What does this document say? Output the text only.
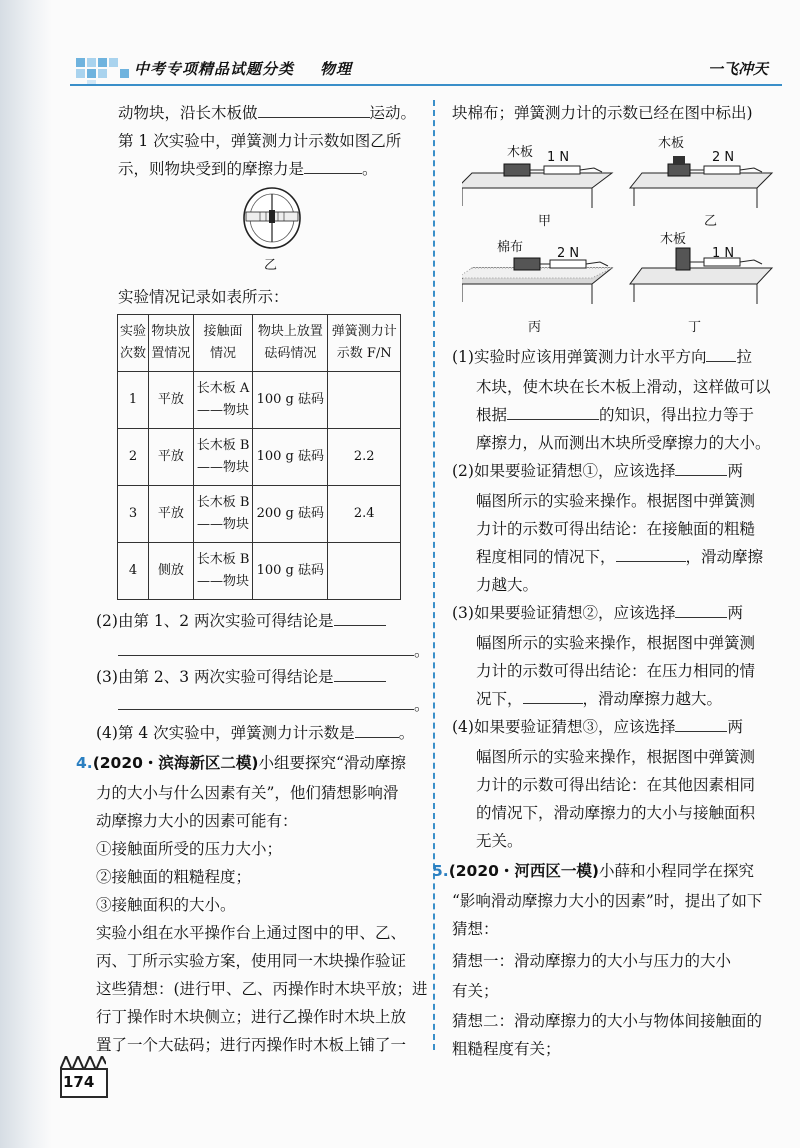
中考专项精品试题分类 物理	一飞冲天
动物块，沿长木板做	运动。
第 1 次实验中，弹簧测力计示数如图乙所
示，则物块受到的摩擦力是	。
乙
实验情况记录如表所示：
实验
次数	物块放
置情况	接触面
情况	物块上放置
砝码情况	弹簧测力计
示数 F/N
1	平放	长木板 A
——物块	100 g 砝码	
2	平放	长木板 B
——物块	100 g 砝码	2.2
3	平放	长木板 B
——物块	200 g 砝码	2.4
4	侧放	长木板 B
——物块	100 g 砝码	
(2)由第 1、2 两次实验可得结论是
。
(3)由第 2、3 两次实验可得结论是
。
(4)第 4 次实验中，弹簧测力计示数是	。
4.(2020・滨海新区二模)小组要探究“滑动摩擦
力的大小与什么因素有关”，他们猜想影响滑
动摩擦力大小的因素可能有：
①接触面所受的压力大小；
②接触面的粗糙程度；
③接触面积的大小。
实验小组在水平操作台上通过图中的甲、乙、
丙、丁所示实验方案，使用同一木块操作验证
这些猜想：(进行甲、乙、丙操作时木块平放；进
行丁操作时木块侧立；进行乙操作时木块上放
置了一个大砝码；进行丙操作时木板上铺了一
块棉布；弹簧测力计的示数已经在图中标出)
木板 1 N
木板
2 N
甲	乙
棉布	2 N
木板
1 N
丙	丁
(1)实验时应该用弹簧测力计水平方向 拉
木块，使木块在长木板上滑动，这样做可以
根据	的知识，得出拉力等于
摩擦力，从而测出木块所受摩擦力的大小。
(2)如果要验证猜想①，应该选择	两
幅图所示的实验来操作。根据图中弹簧测
力计的示数可得出结论：在接触面的粗糙
程度相同的情况下，	，滑动摩擦
力越大。
(3)如果要验证猜想②，应该选择	两
幅图所示的实验来操作，根据图中弹簧测
力计的示数可得出结论：在压力相同的情
况下，	，滑动摩擦力越大。
(4)如果要验证猜想③，应该选择	两
幅图所示的实验来操作，根据图中弹簧测
力计的示数可得出结论：在其他因素相同
的情况下，滑动摩擦力的大小与接触面积
无关。
5.(2020・河西区一模)小薛和小程同学在探究
“影响滑动摩擦力大小的因素”时，提出了如下
猜想：
猜想一：滑动摩擦力的大小与压力的大小
有关；
猜想二：滑动摩擦力的大小与物体间接触面的
粗糙程度有关；
174
